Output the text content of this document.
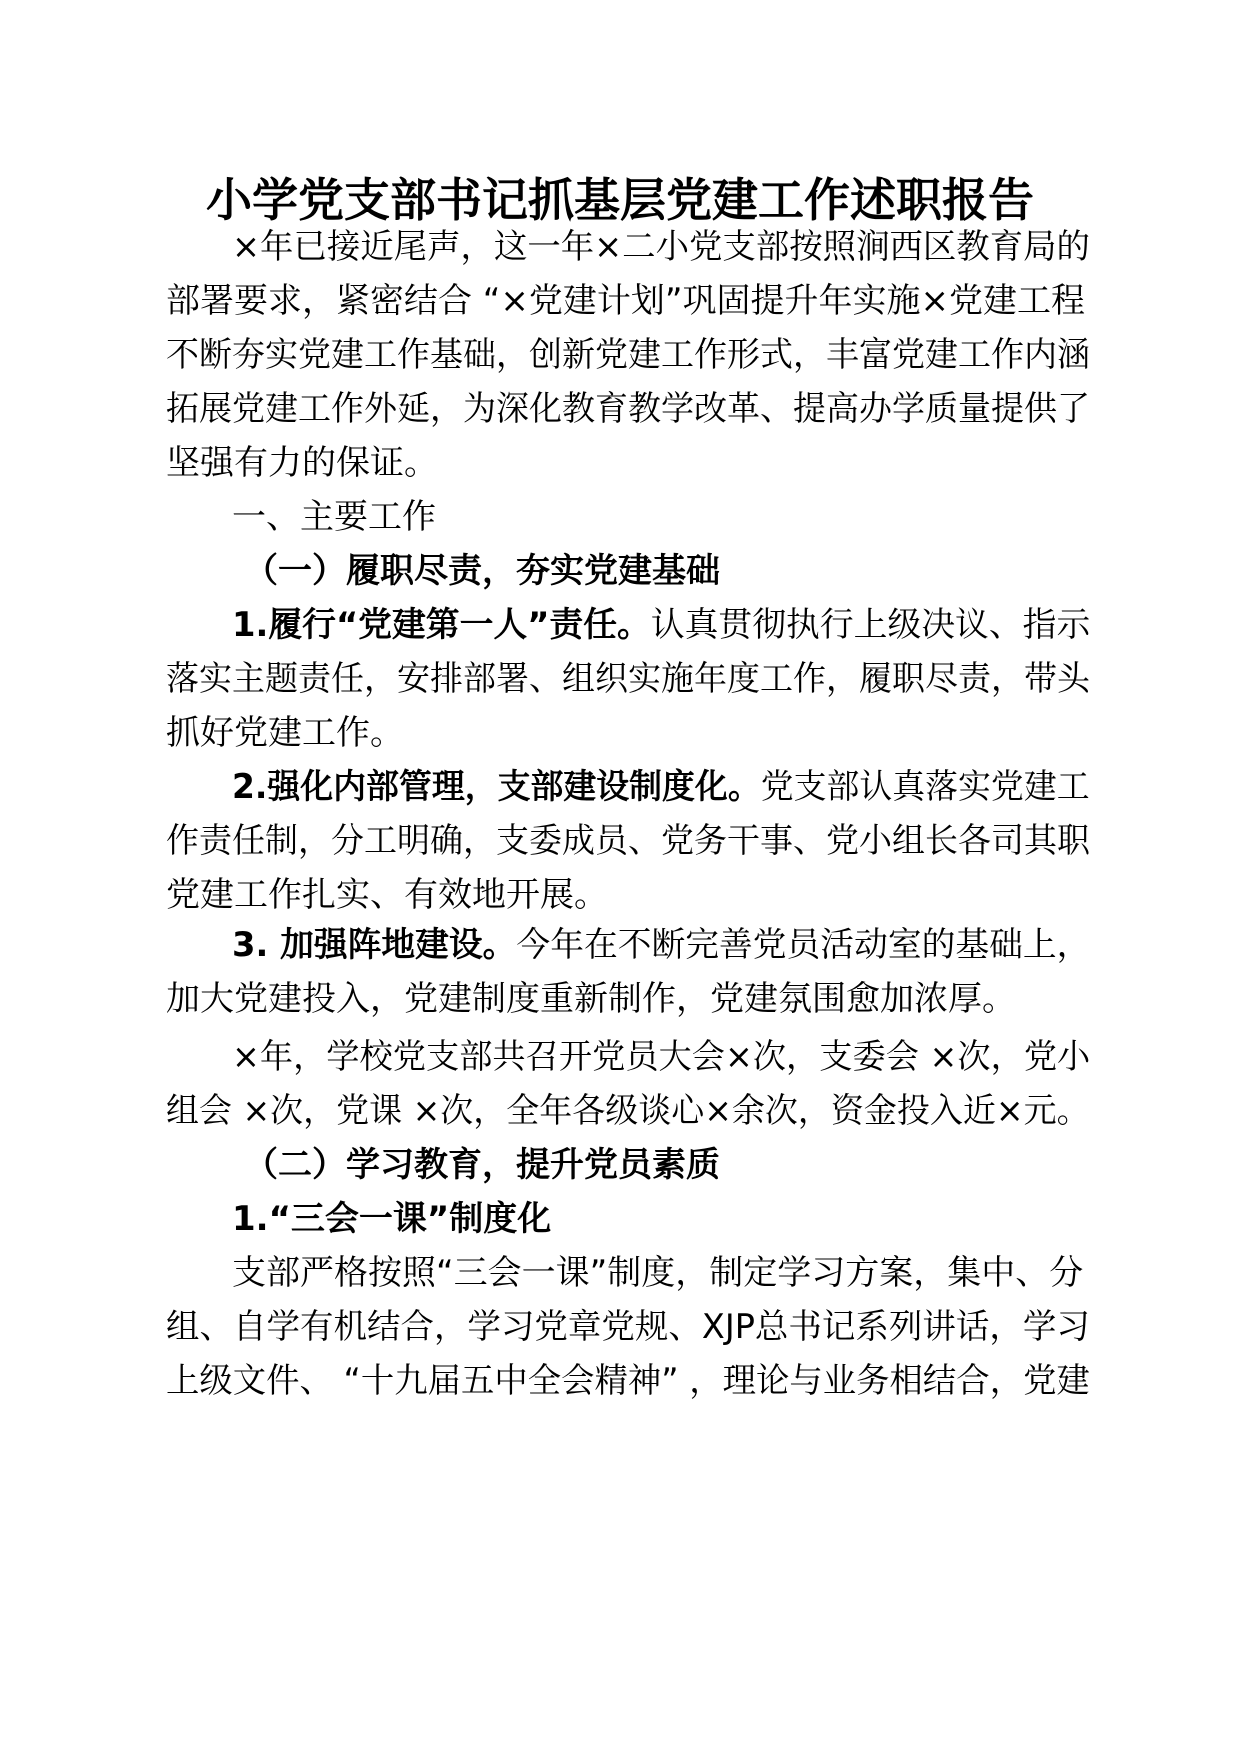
小学党支部书记抓基层党建工作述职报告
×年已接近尾声，这一年×二小党支部按照涧西区教育局的
部署要求，紧密结合 “×党建计划”巩固提升年实施×党建工程
不断夯实党建工作基础，创新党建工作形式，丰富党建工作内涵
拓展党建工作外延，为深化教育教学改革、提高办学质量提供了
坚强有力的保证。
一、主要工作
（一）履职尽责，夯实党建基础
1.履行“党建第一人”责任。认真贯彻执行上级决议、指示
落实主题责任，安排部署、组织实施年度工作，履职尽责，带头
抓好党建工作。
2.强化内部管理，支部建设制度化。党支部认真落实党建工
作责任制，分工明确，支委成员、党务干事、党小组长各司其职
党建工作扎实、有效地开展。
3. 加强阵地建设。今年在不断完善党员活动室的基础上，
加大党建投入，党建制度重新制作，党建氛围愈加浓厚。
×年，学校党支部共召开党员大会×次，支委会 ×次，党小
组会 ×次，党课 ×次，全年各级谈心×余次，资金投入近×元。
（二）学习教育，提升党员素质
1.“三会一课”制度化
支部严格按照“三会一课”制度，制定学习方案，集中、分
组、自学有机结合，学习党章党规、XJP总书记系列讲话，学习
上级文件、 “十九届五中全会精神” ，理论与业务相结合，党建
